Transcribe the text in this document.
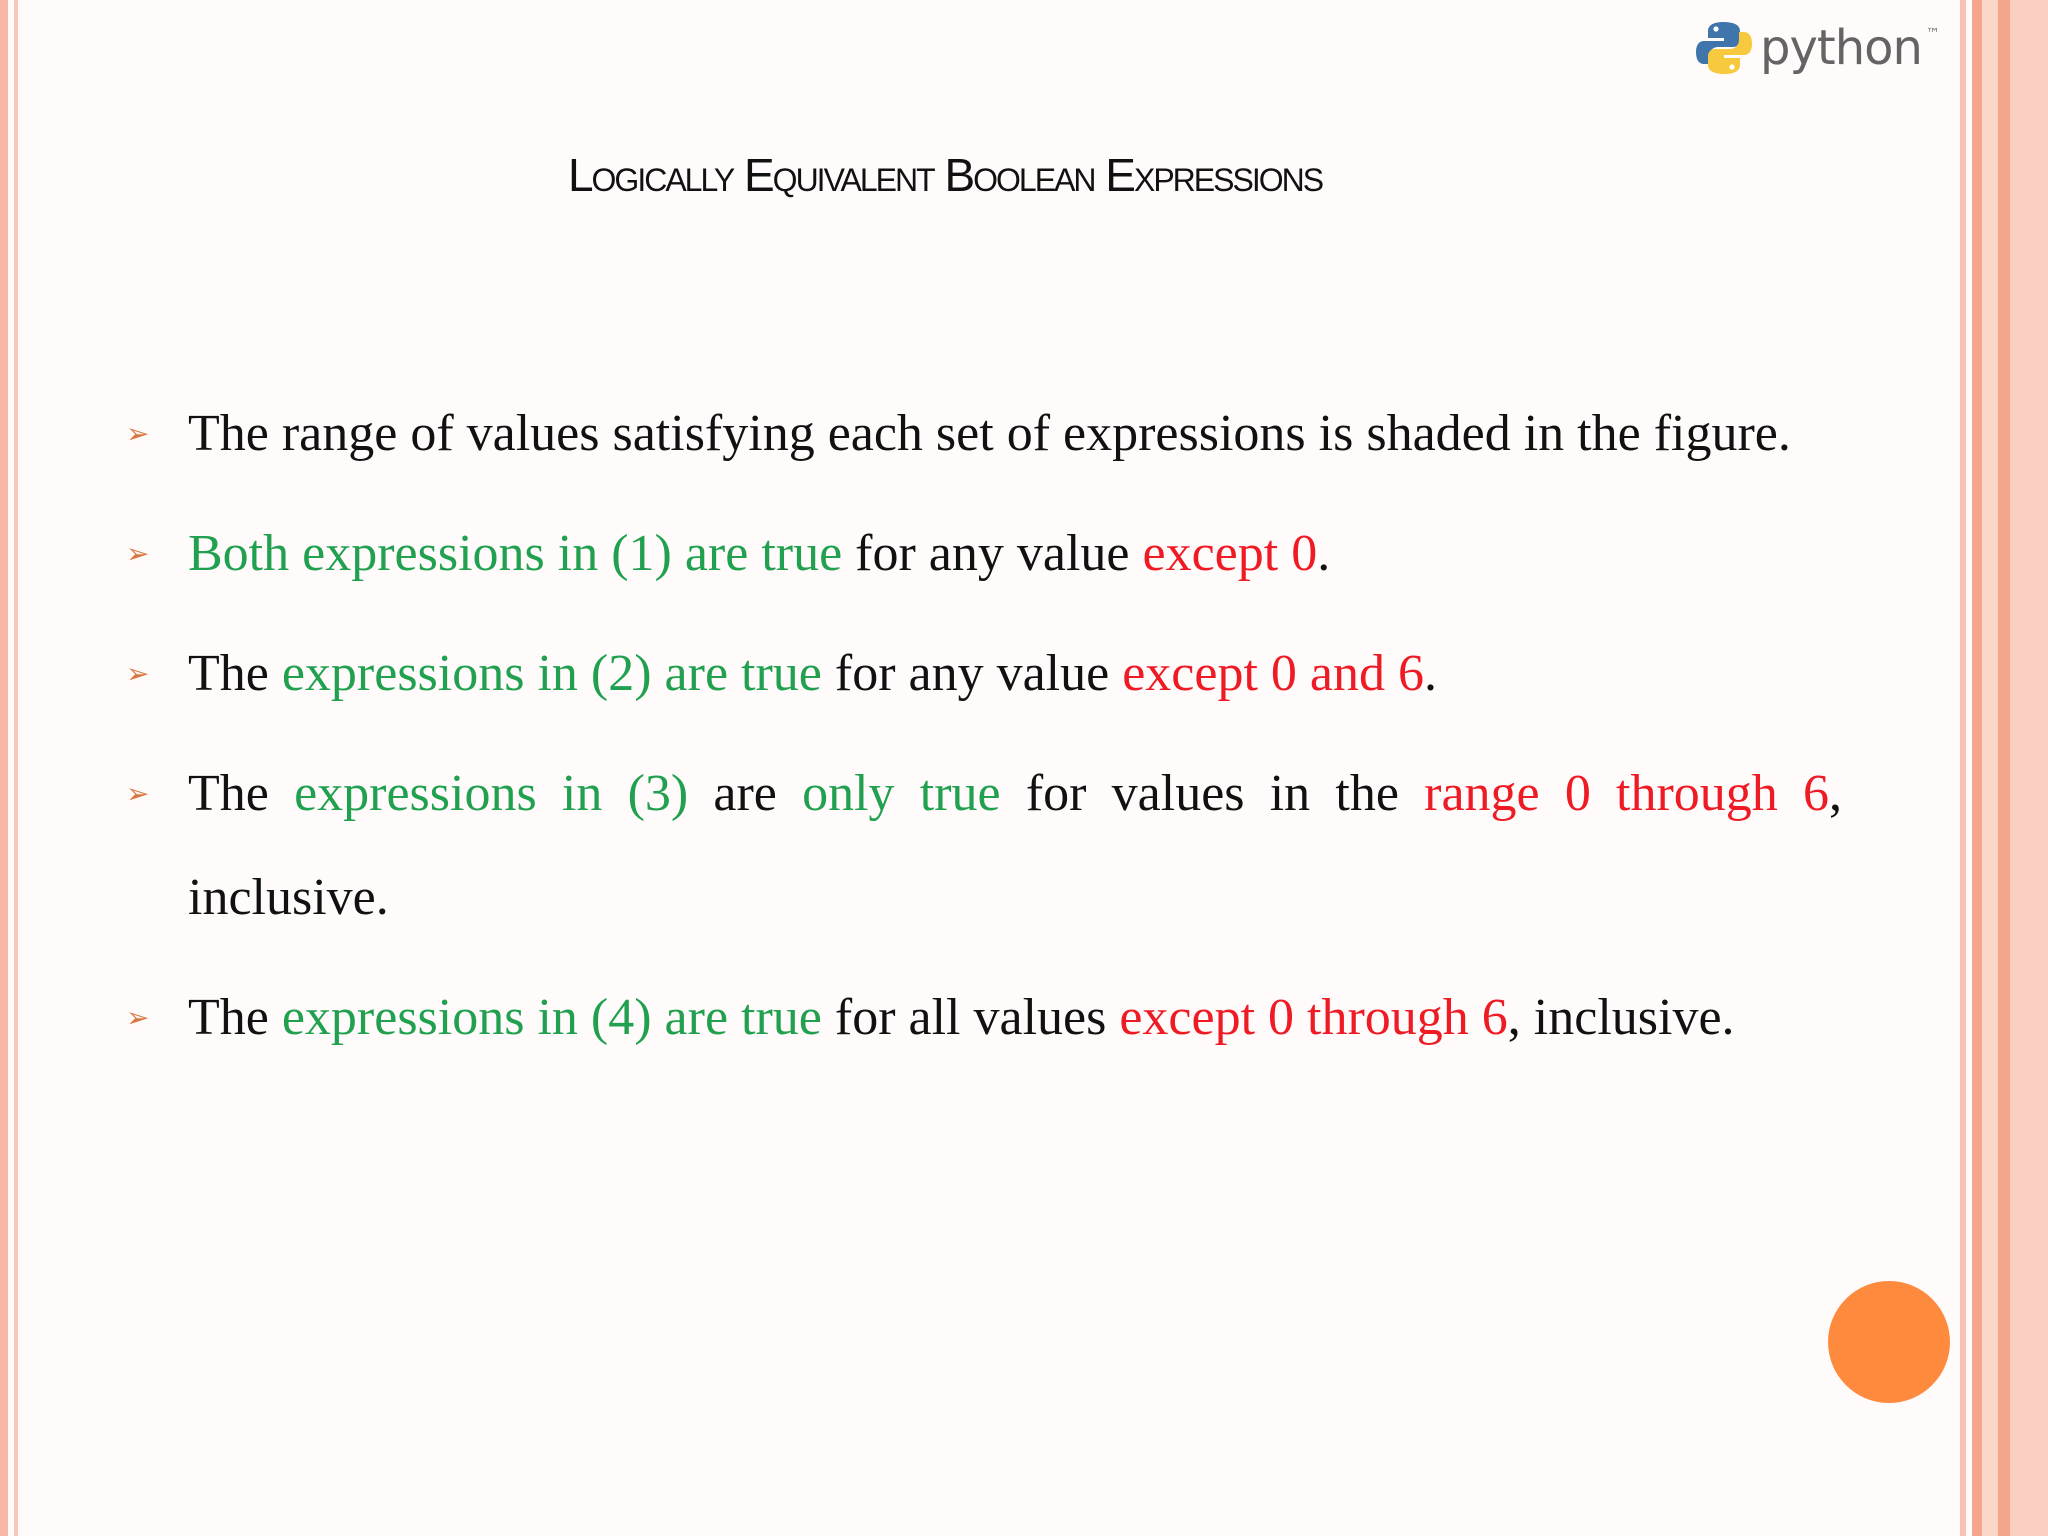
python ™
Logically Equivalent Boolean Expressions
➢ The range of values satisfying each set of expressions is shaded in the figure.
➢ Both expressions in (1) are true for any value except 0.
➢ The expressions in (2) are true for any value except 0 and 6.
➢ The expressions in (3) are only true for values in the range 0 through 6, inclusive.
➢ The expressions in (4) are true for all values except 0 through 6, inclusive.
